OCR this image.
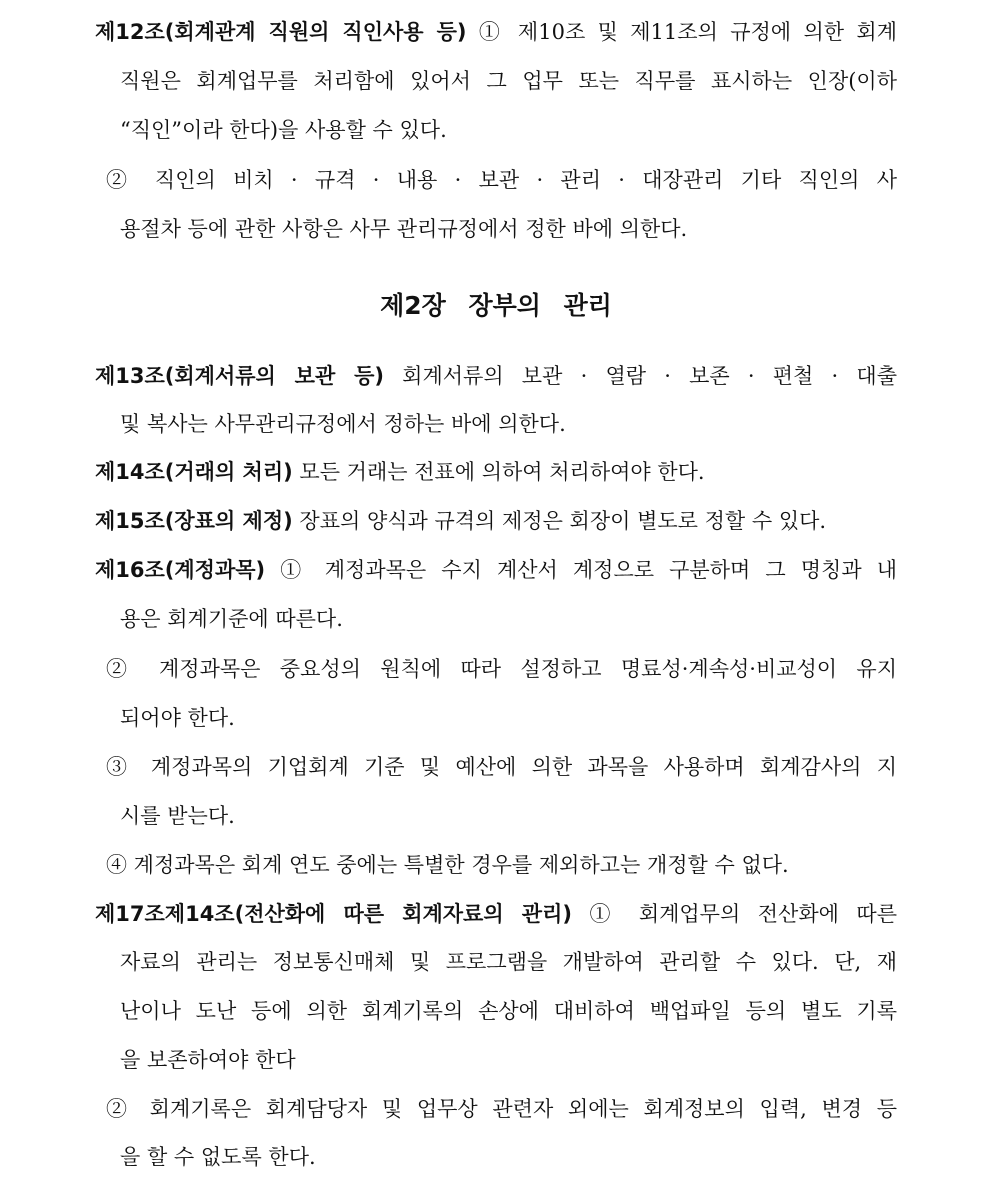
제12조(회계관계 직원의 직인사용 등) ① 제10조 및 제11조의 규정에 의한 회계
직원은 회계업무를 처리함에 있어서 그 업무 또는 직무를 표시하는 인장(이하
“직인”이라 한다)을 사용할 수 있다.
② 직인의 비치 · 규격 · 내용 · 보관 · 관리 · 대장관리 기타 직인의 사
용절차 등에 관한 사항은 사무 관리규정에서 정한 바에 의한다.
제2장 장부의 관리
제13조(회계서류의 보관 등) 회계서류의 보관 · 열람 · 보존 · 편철 · 대출
및 복사는 사무관리규정에서 정하는 바에 의한다.
제14조(거래의 처리) 모든 거래는 전표에 의하여 처리하여야 한다.
제15조(장표의 제정) 장표의 양식과 규격의 제정은 회장이 별도로 정할 수 있다.
제16조(계정과목) ① 계정과목은 수지 계산서 계정으로 구분하며 그 명칭과 내
용은 회계기준에 따른다.
② 계정과목은 중요성의 원칙에 따라 설정하고 명료성·계속성·비교성이 유지
되어야 한다.
③ 계정과목의 기업회계 기준 및 예산에 의한 과목을 사용하며 회계감사의 지
시를 받는다.
④ 계정과목은 회계 연도 중에는 특별한 경우를 제외하고는 개정할 수 없다.
제17조제14조(전산화에 따른 회계자료의 관리) ① 회계업무의 전산화에 따른
자료의 관리는 정보통신매체 및 프로그램을 개발하여 관리할 수 있다. 단, 재
난이나 도난 등에 의한 회계기록의 손상에 대비하여 백업파일 등의 별도 기록
을 보존하여야 한다
② 회계기록은 회계담당자 및 업무상 관련자 외에는 회계정보의 입력, 변경 등
을 할 수 없도록 한다.
